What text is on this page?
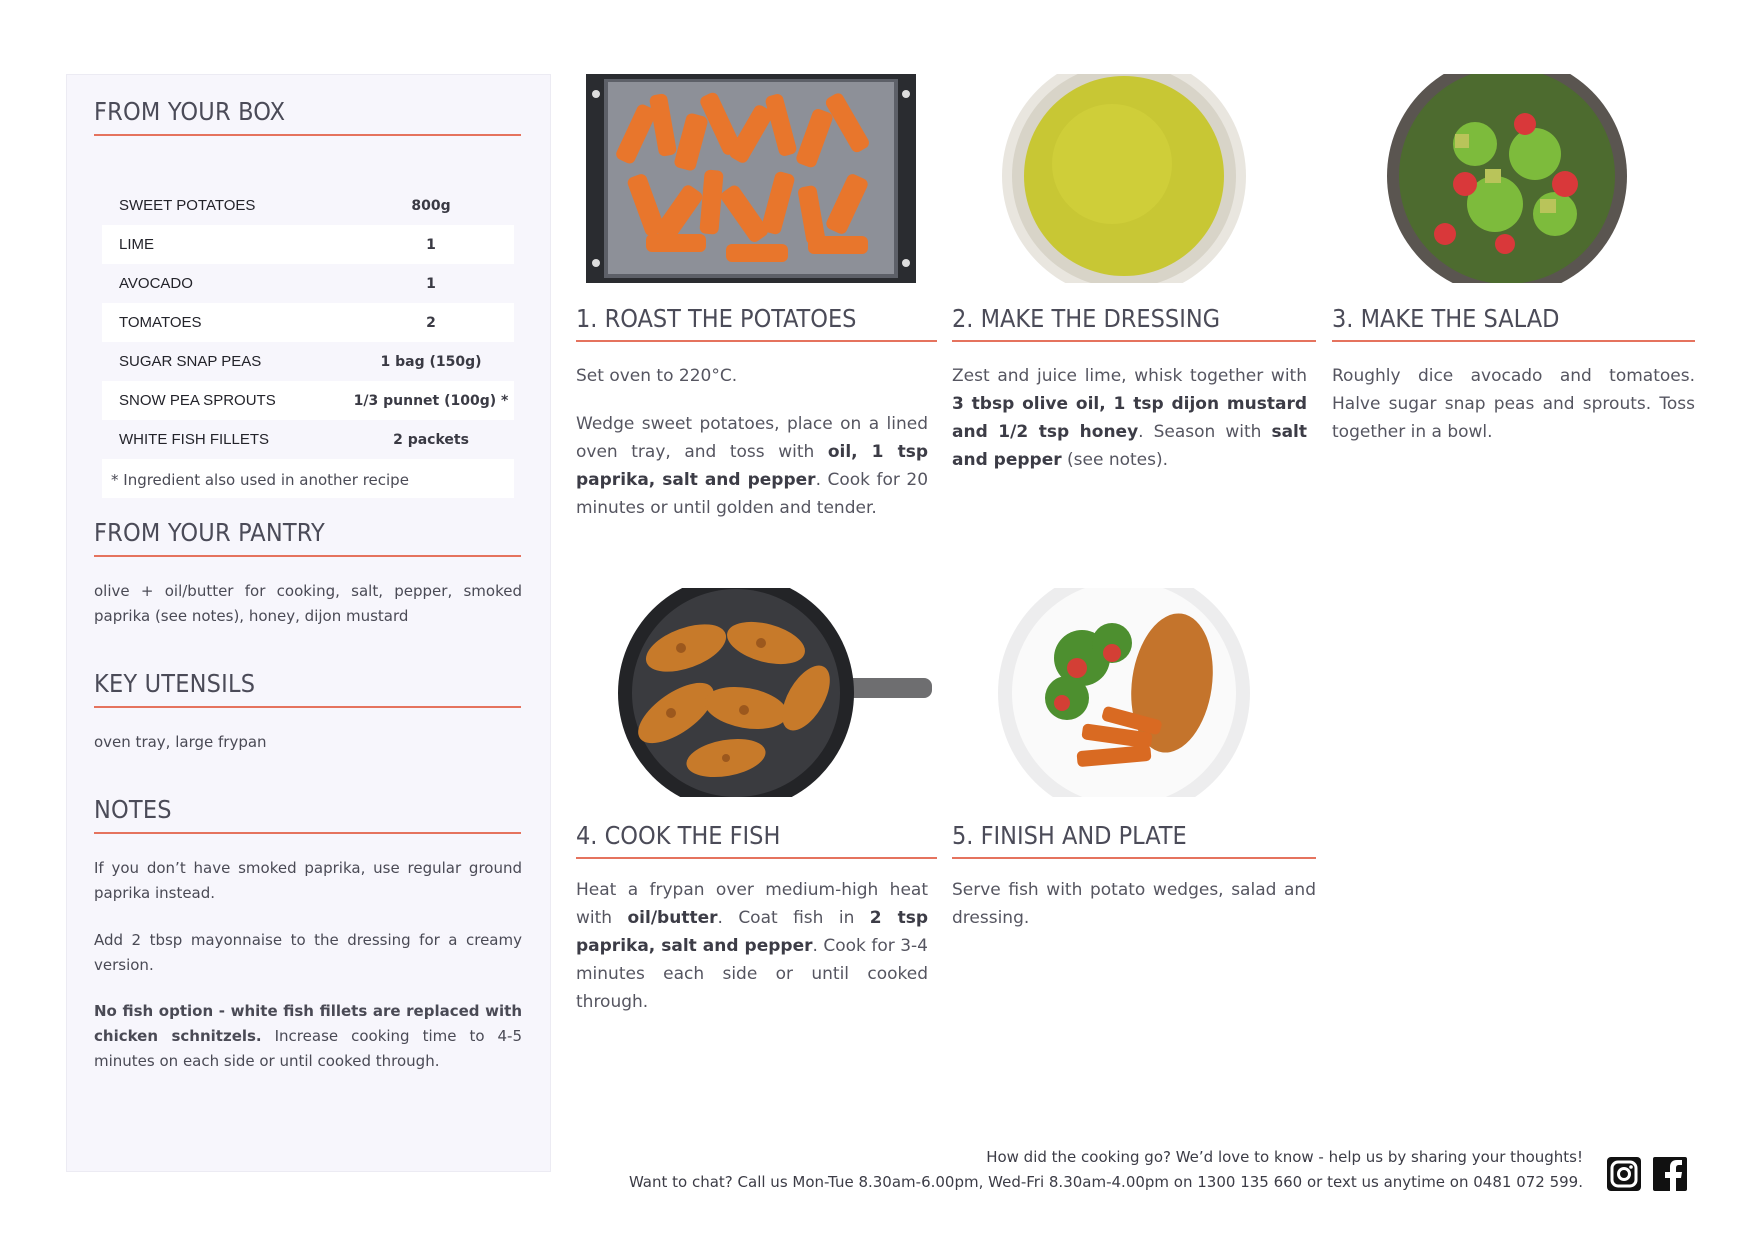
FROM YOUR BOX
SWEET POTATOES	800g
LIME	1
AVOCADO	1
TOMATOES	2
SUGAR SNAP PEAS	1 bag (150g)
SNOW PEA SPROUTS	1/3 punnet (100g) *
WHITE FISH FILLETS	2 packets
* Ingredient also used in another recipe
FROM YOUR PANTRY
olive + oil/butter for cooking, salt, pepper, smoked paprika (see notes), honey, dijon mustard
KEY UTENSILS
oven tray, large frypan
NOTES
If you don’t have smoked paprika, use regular ground paprika instead.
Add 2 tbsp mayonnaise to the dressing for a creamy version.
No fish option - white fish fillets are replaced with chicken schnitzels. Increase cooking time to 4-5 minutes on each side or until cooked through.
1. ROAST THE POTATOES

Set oven to 220°C.

Wedge sweet potatoes, place on a lined oven tray, and toss with oil, 1 tsp paprika, salt and pepper. Cook for 20 minutes or until golden and tender.

2. MAKE THE DRESSING

Zest and juice lime, whisk together with 3 tbsp olive oil, 1 tsp dijon mustard and 1/2 tsp honey. Season with salt and pepper (see notes).

3. MAKE THE SALAD

Roughly dice avocado and tomatoes. Halve sugar snap peas and sprouts. Toss together in a bowl.

4. COOK THE FISH

Heat a frypan over medium-high heat with oil/butter. Coat fish in 2 tsp paprika, salt and pepper. Cook for 3-4 minutes each side or until cooked through.

5. FINISH AND PLATE

Serve fish with potato wedges, salad and dressing.

How did the cooking go? We’d love to know - help us by sharing your thoughts!
Want to chat? Call us Mon-Tue 8.30am-6.00pm, Wed-Fri 8.30am-4.00pm on 1300 135 660 or text us anytime on 0481 072 599.
